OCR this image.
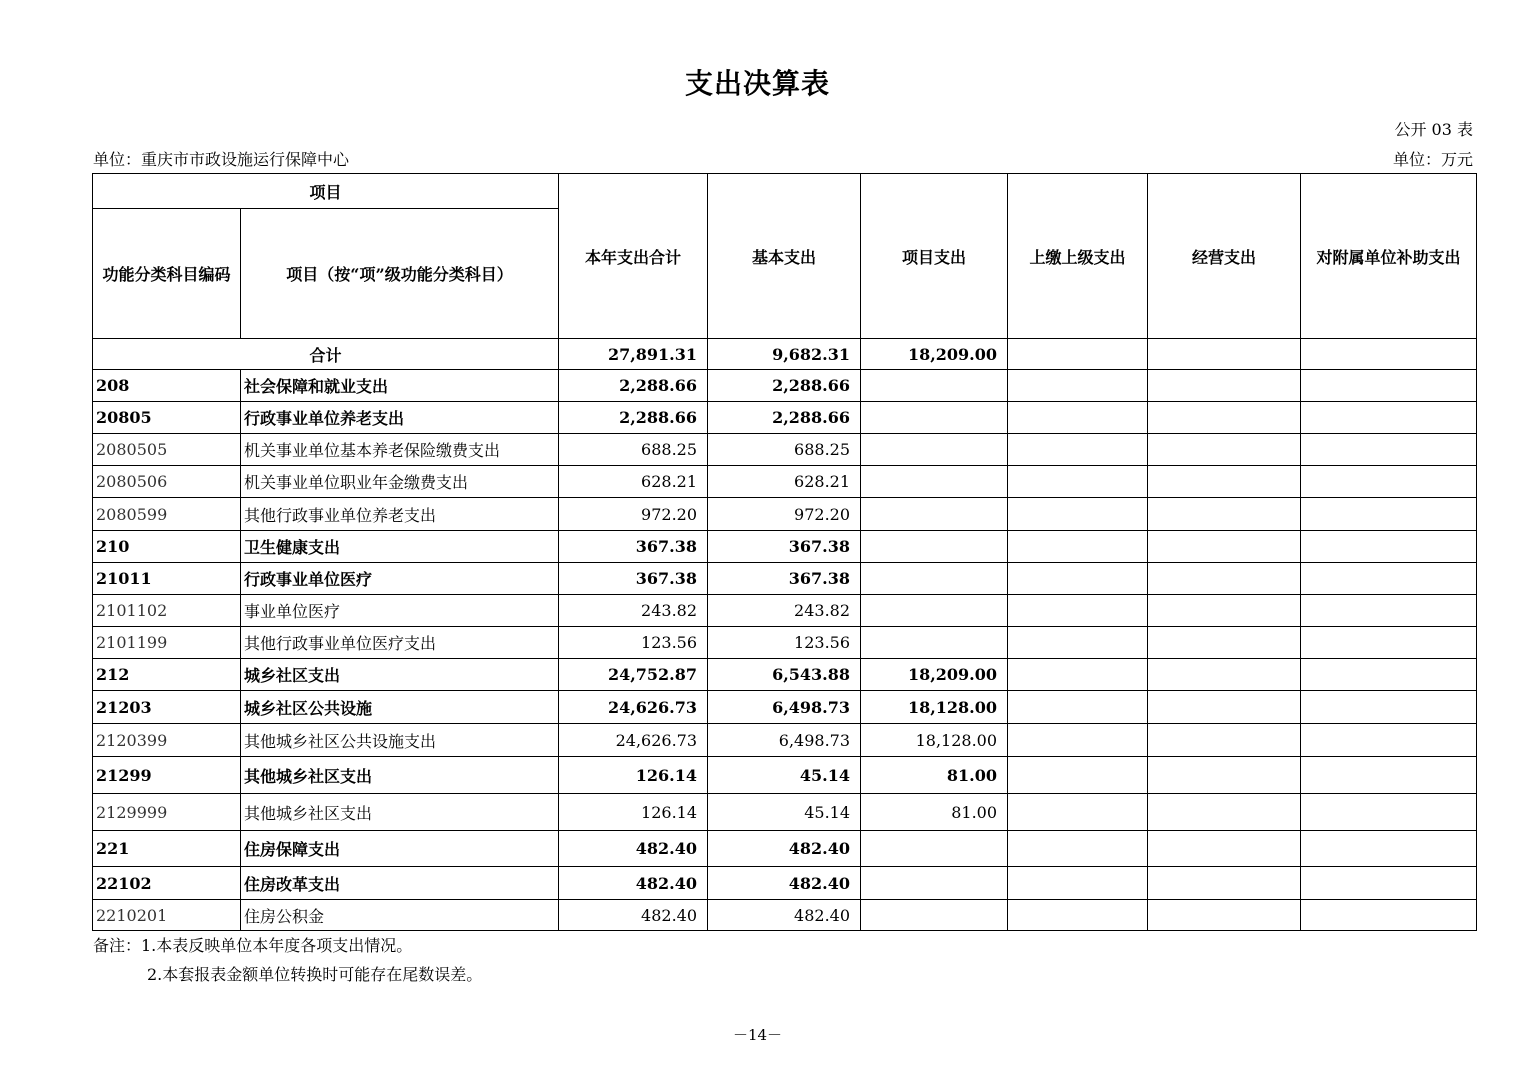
支出决算表
公开 03 表
单位：重庆市市政设施运行保障中心	单位：万元
项目		本年支出合计	基本支出	项目支出	上缴上级支出	经营支出	对附属单位补助支出
功能分类科目编码	项目（按“项”级功能分类科目）						
合计		27,891.31	9,682.31	18,209.00			
208	社会保障和就业支出	2,288.66	2,288.66				
20805	行政事业单位养老支出	2,288.66	2,288.66				
2080505	机关事业单位基本养老保险缴费支出	688.25	688.25				
2080506	机关事业单位职业年金缴费支出	628.21	628.21				
2080599	其他行政事业单位养老支出	972.20	972.20				
210	卫生健康支出	367.38	367.38				
21011	行政事业单位医疗	367.38	367.38				
2101102	事业单位医疗	243.82	243.82				
2101199	其他行政事业单位医疗支出	123.56	123.56				
212	城乡社区支出	24,752.87	6,543.88	18,209.00			
21203	城乡社区公共设施	24,626.73	6,498.73	18,128.00			
2120399	其他城乡社区公共设施支出	24,626.73	6,498.73	18,128.00			
21299	其他城乡社区支出	126.14	45.14	81.00			
2129999	其他城乡社区支出	126.14	45.14	81.00			
221	住房保障支出	482.40	482.40				
22102	住房改革支出	482.40	482.40				
2210201	住房公积金	482.40	482.40				
备注：1.本表反映单位本年度各项支出情况。
2.本套报表金额单位转换时可能存在尾数误差。
－14－
